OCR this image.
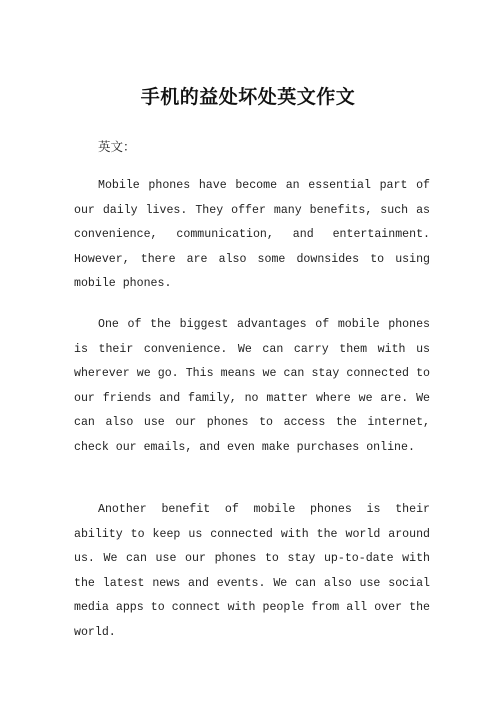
手机的益处坏处英文作文
英文：

Mobile phones have become an essential part of our daily lives. They offer many benefits, such as convenience, communication, and entertainment. However, there are also some downsides to using mobile phones.

One of the biggest advantages of mobile phones is their convenience. We can carry them with us wherever we go. This means we can stay connected to our friends and family, no matter where we are. We can also use our phones to access the internet, check our emails, and even make purchases online.

Another benefit of mobile phones is their ability to keep us connected with the world around us. We can use our phones to stay up-to-date with the latest news and events. We can also use social media apps to connect with people from all over the world.
